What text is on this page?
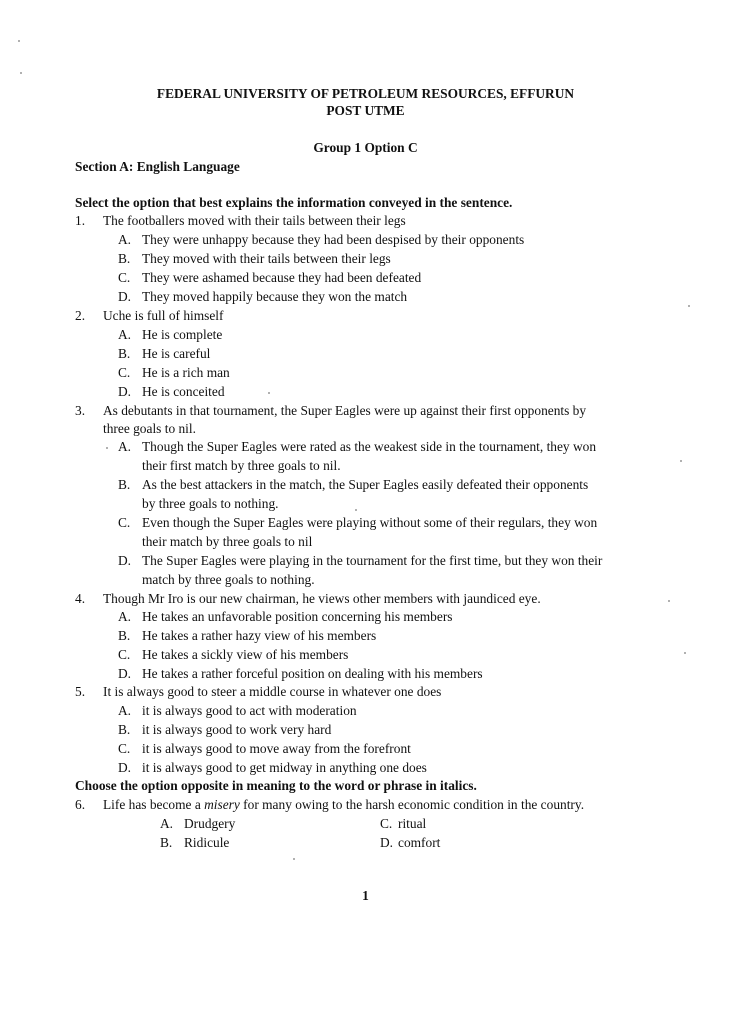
FEDERAL UNIVERSITY OF PETROLEUM RESOURCES, EFFURUN
POST UTME
Group 1 Option C
Section A: English Language
Select the option that best explains the information conveyed in the sentence.
1. The footballers moved with their tails between their legs
A. They were unhappy because they had been despised by their opponents
B. They moved with their tails between their legs
C. They were ashamed because they had been defeated
D. They moved happily because they won the match
2. Uche is full of himself
A. He is complete
B. He is careful
C. He is a rich man
D. He is conceited
3. As debutants in that tournament, the Super Eagles were up against their first opponents by
three goals to nil.
A. Though the Super Eagles were rated as the weakest side in the tournament, they won
their first match by three goals to nil.
B. As the best attackers in the match, the Super Eagles easily defeated their opponents
by three goals to nothing.
C. Even though the Super Eagles were playing without some of their regulars, they won
their match by three goals to nil
D. The Super Eagles were playing in the tournament for the first time, but they won their
match by three goals to nothing.
4. Though Mr Iro is our new chairman, he views other members with jaundiced eye.
A. He takes an unfavorable position concerning his members
B. He takes a rather hazy view of his members
C. He takes a sickly view of his members
D. He takes a rather forceful position on dealing with his members
5. It is always good to steer a middle course in whatever one does
A. it is always good to act with moderation
B. it is always good to work very hard
C. it is always good to move away from the forefront
D. it is always good to get midway in anything one does
Choose the option opposite in meaning to the word or phrase in italics.
6. Life has become a misery for many owing to the harsh economic condition in the country.
A. Drudgery
B. Ridicule
C. ritual
D. comfort
1
